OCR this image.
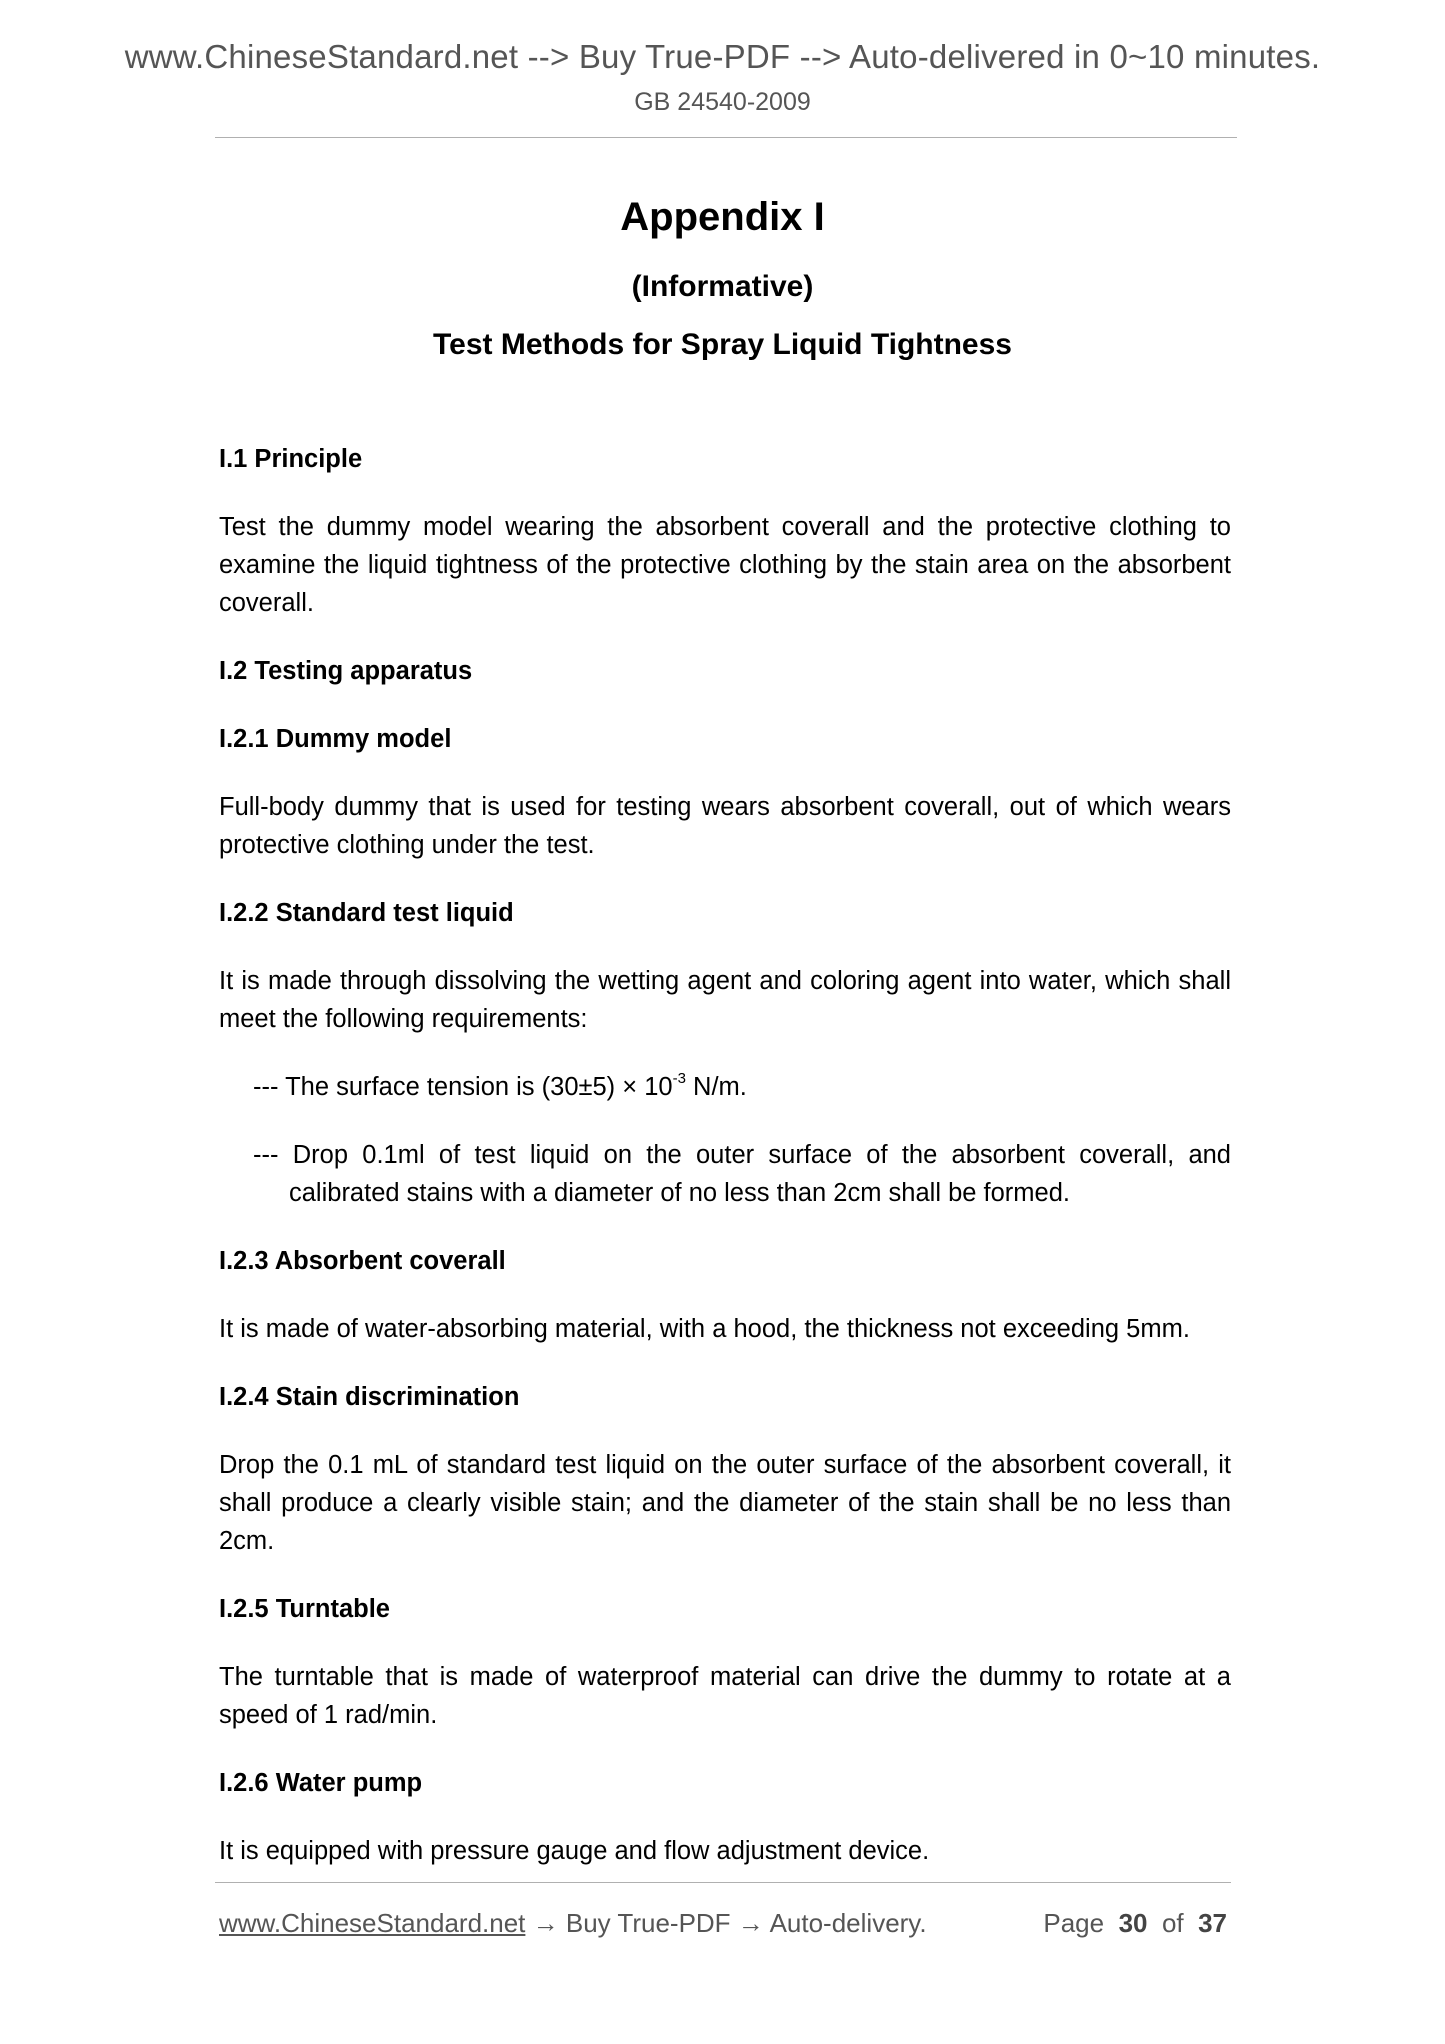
www.ChineseStandard.net --> Buy True-PDF --> Auto-delivered in 0~10 minutes.
GB 24540-2009
Appendix I
(Informative)
Test Methods for Spray Liquid Tightness
I.1 Principle

Test the dummy model wearing the absorbent coverall and the protective clothing to examine the liquid tightness of the protective clothing by the stain area on the absorbent coverall.

I.2 Testing apparatus
I.2.1 Dummy model

Full-body dummy that is used for testing wears absorbent coverall, out of which wears protective clothing under the test.

I.2.2 Standard test liquid

It is made through dissolving the wetting agent and coloring agent into water, which shall meet the following requirements:

--- The surface tension is $(30\pm 5) \times 10^{-3}$ N/m.
--- Drop 0.1ml of test liquid on the outer surface of the absorbent coverall, and calibrated stains with a diameter of no less than 2cm shall be formed.
I.2.3 Absorbent coverall

It is made of water-absorbing material, with a hood, the thickness not exceeding 5mm.

I.2.4 Stain discrimination

Drop the 0.1 mL of standard test liquid on the outer surface of the absorbent coverall, it shall produce a clearly visible stain; and the diameter of the stain shall be no less than 2cm.

I.2.5 Turntable

The turntable that is made of waterproof material can drive the dummy to rotate at a speed of 1 rad/min.

I.2.6 Water pump

It is equipped with pressure gauge and flow adjustment device.

www.ChineseStandard.net → Buy True-PDF → Auto-delivery.	Page 30 of 37
